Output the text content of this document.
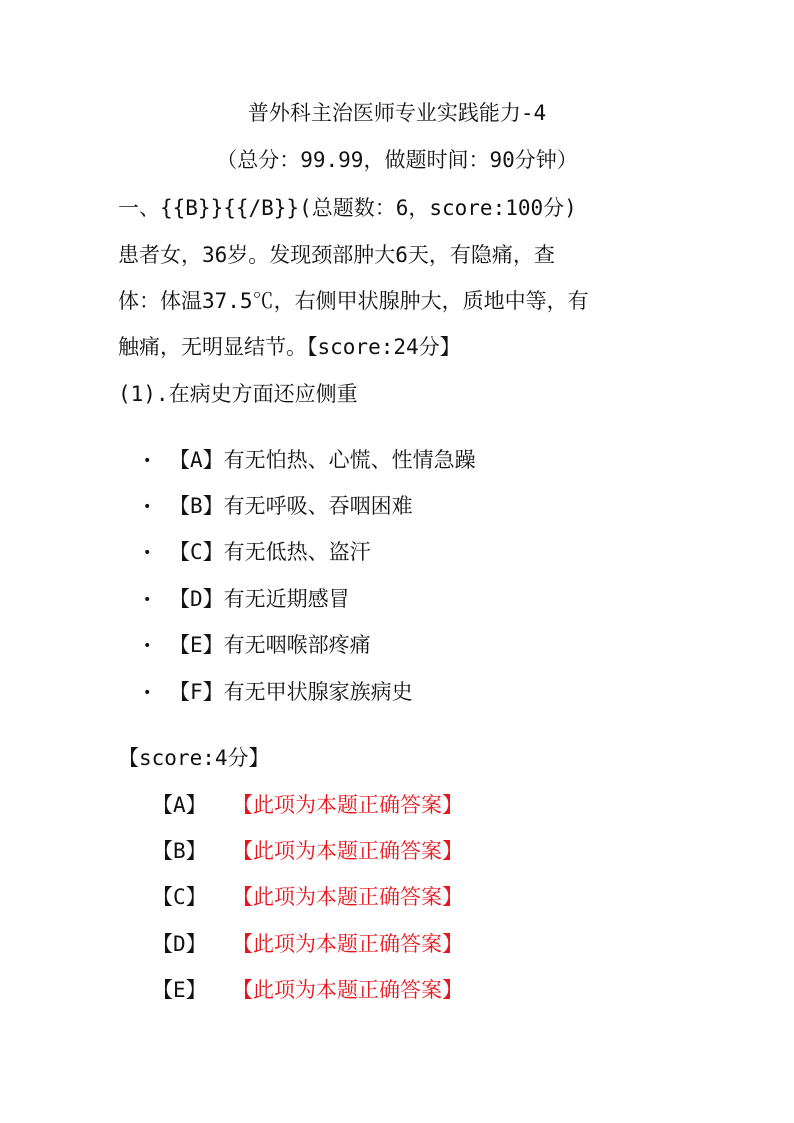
普外科主治医师专业实践能力-4
（总分：99.99，做题时间：90分钟）
一、{{B}}{{/B}}(总题数：6，score:100分)
患者女，36岁。发现颈部肿大6天，有隐痛，查
体：体温37.5℃，右侧甲状腺肿大，质地中等，有
触痛，无明显结节。【score:24分】
(1).在病史方面还应侧重
• 【A】有无怕热、心慌、性情急躁
• 【B】有无呼吸、吞咽困难
• 【C】有无低热、盗汗
• 【D】有无近期感冒
• 【E】有无咽喉部疼痛
• 【F】有无甲状腺家族病史
【score:4分】
【A】 【此项为本题正确答案】
【B】 【此项为本题正确答案】
【C】 【此项为本题正确答案】
【D】 【此项为本题正确答案】
【E】 【此项为本题正确答案】
